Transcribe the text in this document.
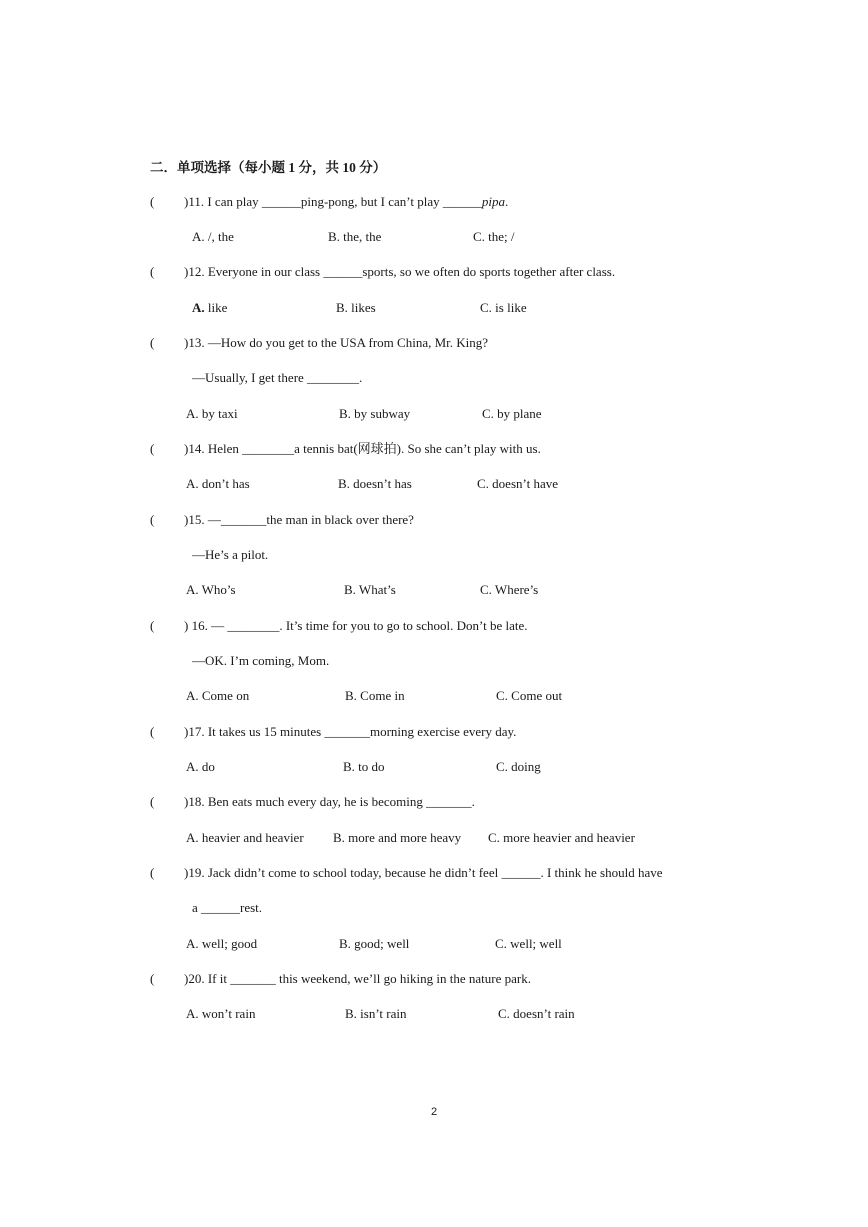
二．单项选择（每小题 1 分，共 10 分）
( )11. I can play ______ping-pong, but I can’t play ______pipa.
A. /, the	B. the, the	C. the; /
( )12. Everyone in our class ______sports, so we often do sports together after class.
A. like	B. likes	C. is like
( )13. —How do you get to the USA from China, Mr. King?
—Usually, I get there ________.
A. by taxi	B. by subway	C. by plane
( )14. Helen ________a tennis bat(网球拍). So she can’t play with us.
A. don’t has	B. doesn’t has	C. doesn’t have
( )15. —_______the man in black over there?
—He’s a pilot.
A. Who’s	B. What’s	C. Where’s
( ) 16. — ________. It’s time for you to go to school. Don’t be late.
—OK. I’m coming, Mom.
A. Come on	B. Come in	C. Come out
( )17. It takes us 15 minutes _______morning exercise every day.
A. do	B. to do	C. doing
( )18. Ben eats much every day, he is becoming _______.
A. heavier and heavier B. more and more heavy C. more heavier and heavier
( )19. Jack didn’t come to school today, because he didn’t feel ______. I think he should have
a ______rest.
A. well; good	B. good; well	C. well; well
( )20. If it _______ this weekend, we’ll go hiking in the nature park.
A. won’t rain	B. isn’t rain	C. doesn’t rain
2
